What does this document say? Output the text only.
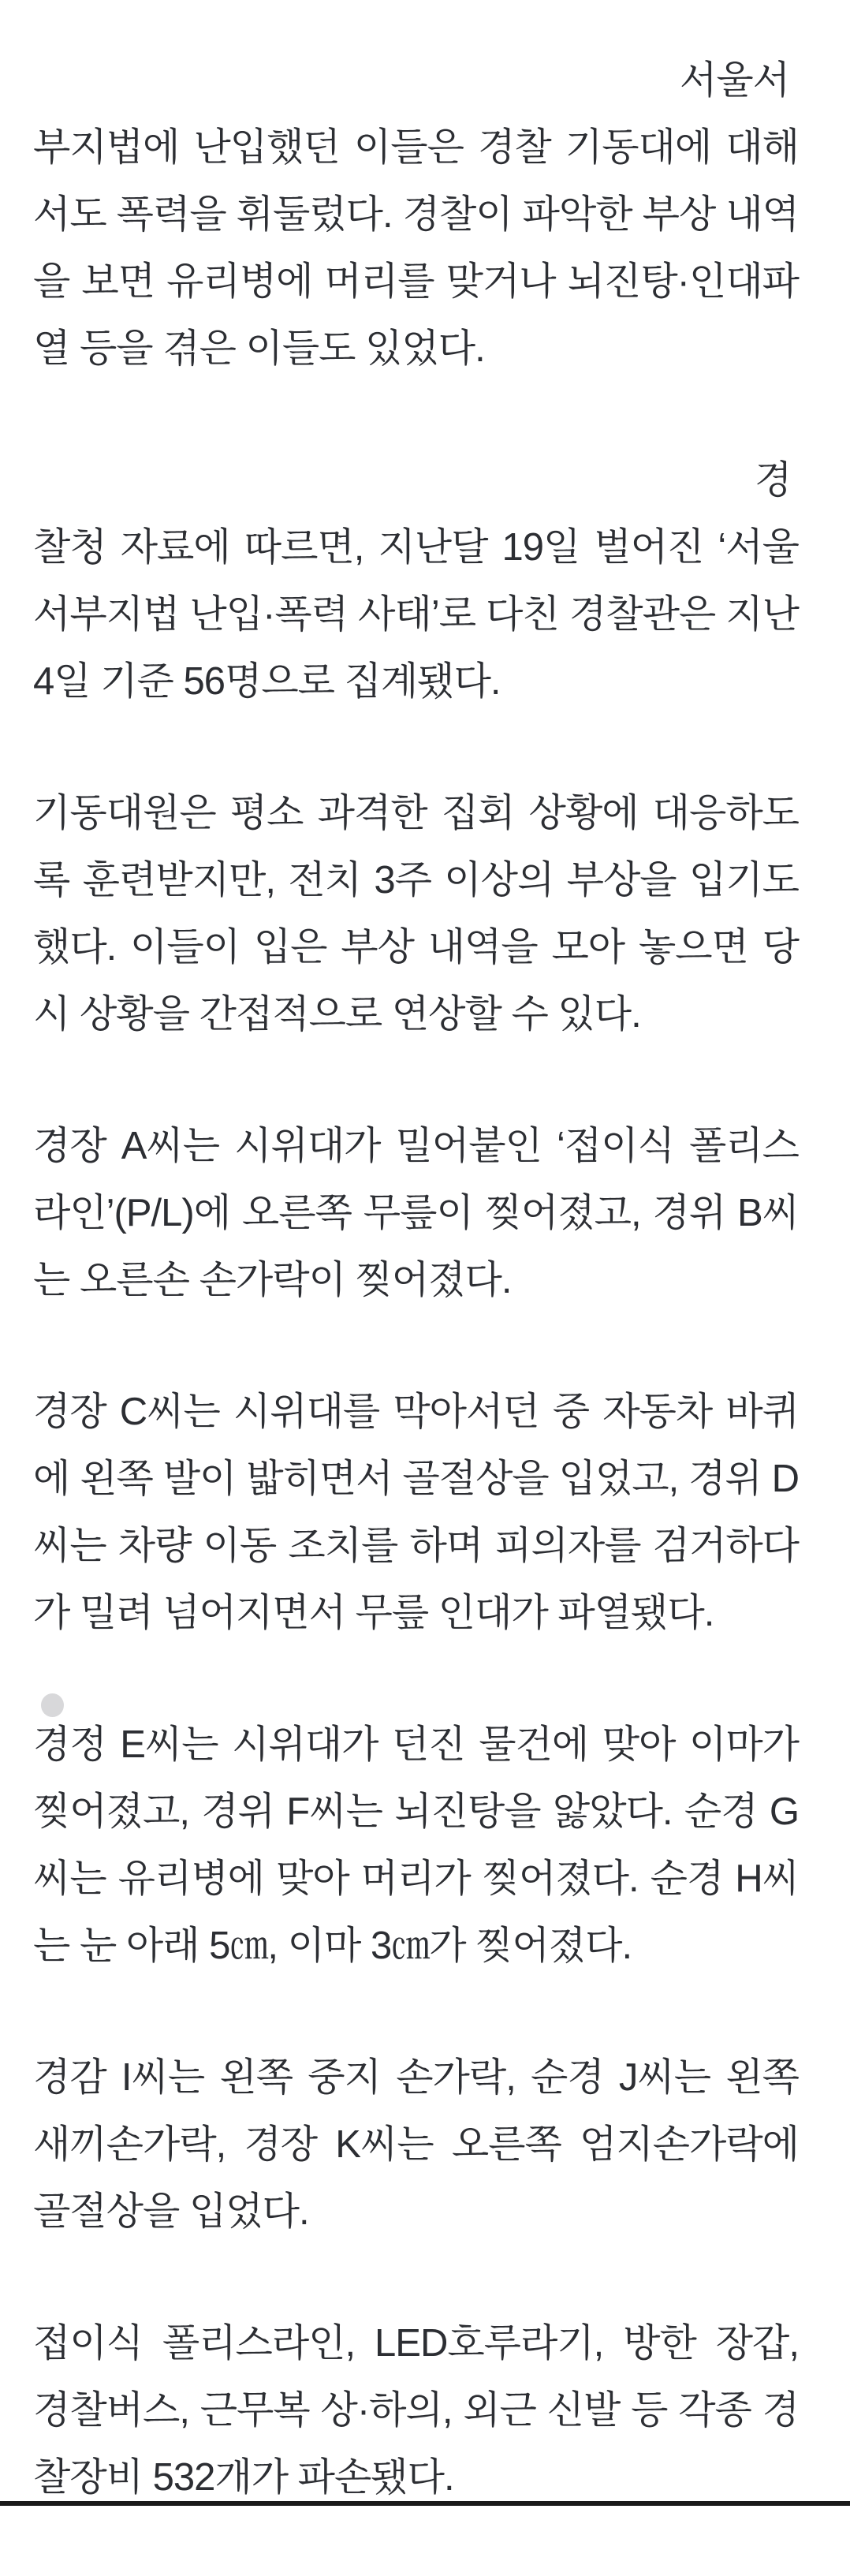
서울서부지법에 난입했던 이들은 경찰 기동대에 대해서도 폭력을 휘둘렀다. 경찰이 파악한 부상 내역을 보면 유리병에 머리를 맞거나 뇌진탕·인대파열 등을 겪은 이들도 있었다.

경찰청 자료에 따르면, 지난달 19일 벌어진 ‘서울서부지법 난입·폭력 사태’로 다친 경찰관은 지난 4일 기준 56명으로 집계됐다.

기동대원은 평소 과격한 집회 상황에 대응하도록 훈련받지만, 전치 3주 이상의 부상을 입기도 했다. 이들이 입은 부상 내역을 모아 놓으면 당시 상황을 간접적으로 연상할 수 있다.

경장 A씨는 시위대가 밀어붙인 ‘접이식 폴리스라인’(P/L)에 오른쪽 무릎이 찢어졌고, 경위 B씨는 오른손 손가락이 찢어졌다.

경장 C씨는 시위대를 막아서던 중 자동차 바퀴에 왼쪽 발이 밟히면서 골절상을 입었고, 경위 D씨는 차량 이동 조치를 하며 피의자를 검거하다가 밀려 넘어지면서 무릎 인대가 파열됐다.

경정 E씨는 시위대가 던진 물건에 맞아 이마가 찢어졌고, 경위 F씨는 뇌진탕을 앓았다. 순경 G씨는 유리병에 맞아 머리가 찢어졌다. 순경 H씨는 눈 아래 5㎝, 이마 3㎝가 찢어졌다.

경감 I씨는 왼쪽 중지 손가락, 순경 J씨는 왼쪽 새끼손가락, 경장 K씨는 오른쪽 엄지손가락에 골절상을 입었다.

접이식 폴리스라인, LED호루라기, 방한 장갑, 경찰버스, 근무복 상·하의, 외근 신발 등 각종 경찰장비 532개가 파손됐다.
